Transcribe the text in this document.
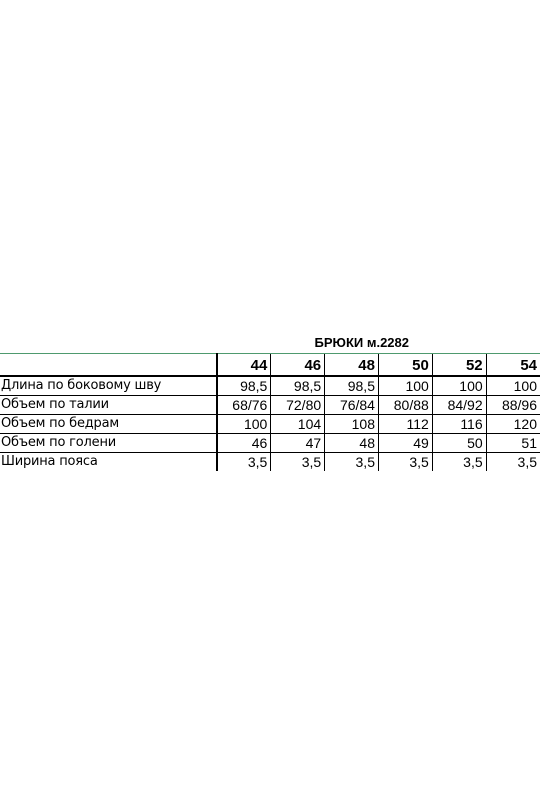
БРЮКИ м.2282
	44	46	48	50	52	54
Длина по боковому шву	98,5	98,5	98,5	100	100	100
Объем по талии	68/76	72/80	76/84	80/88	84/92	88/96
Объем по бедрам	100	104	108	112	116	120
Объем по голени	46	47	48	49	50	51
Ширина пояса	3,5	3,5	3,5	3,5	3,5	3,5
